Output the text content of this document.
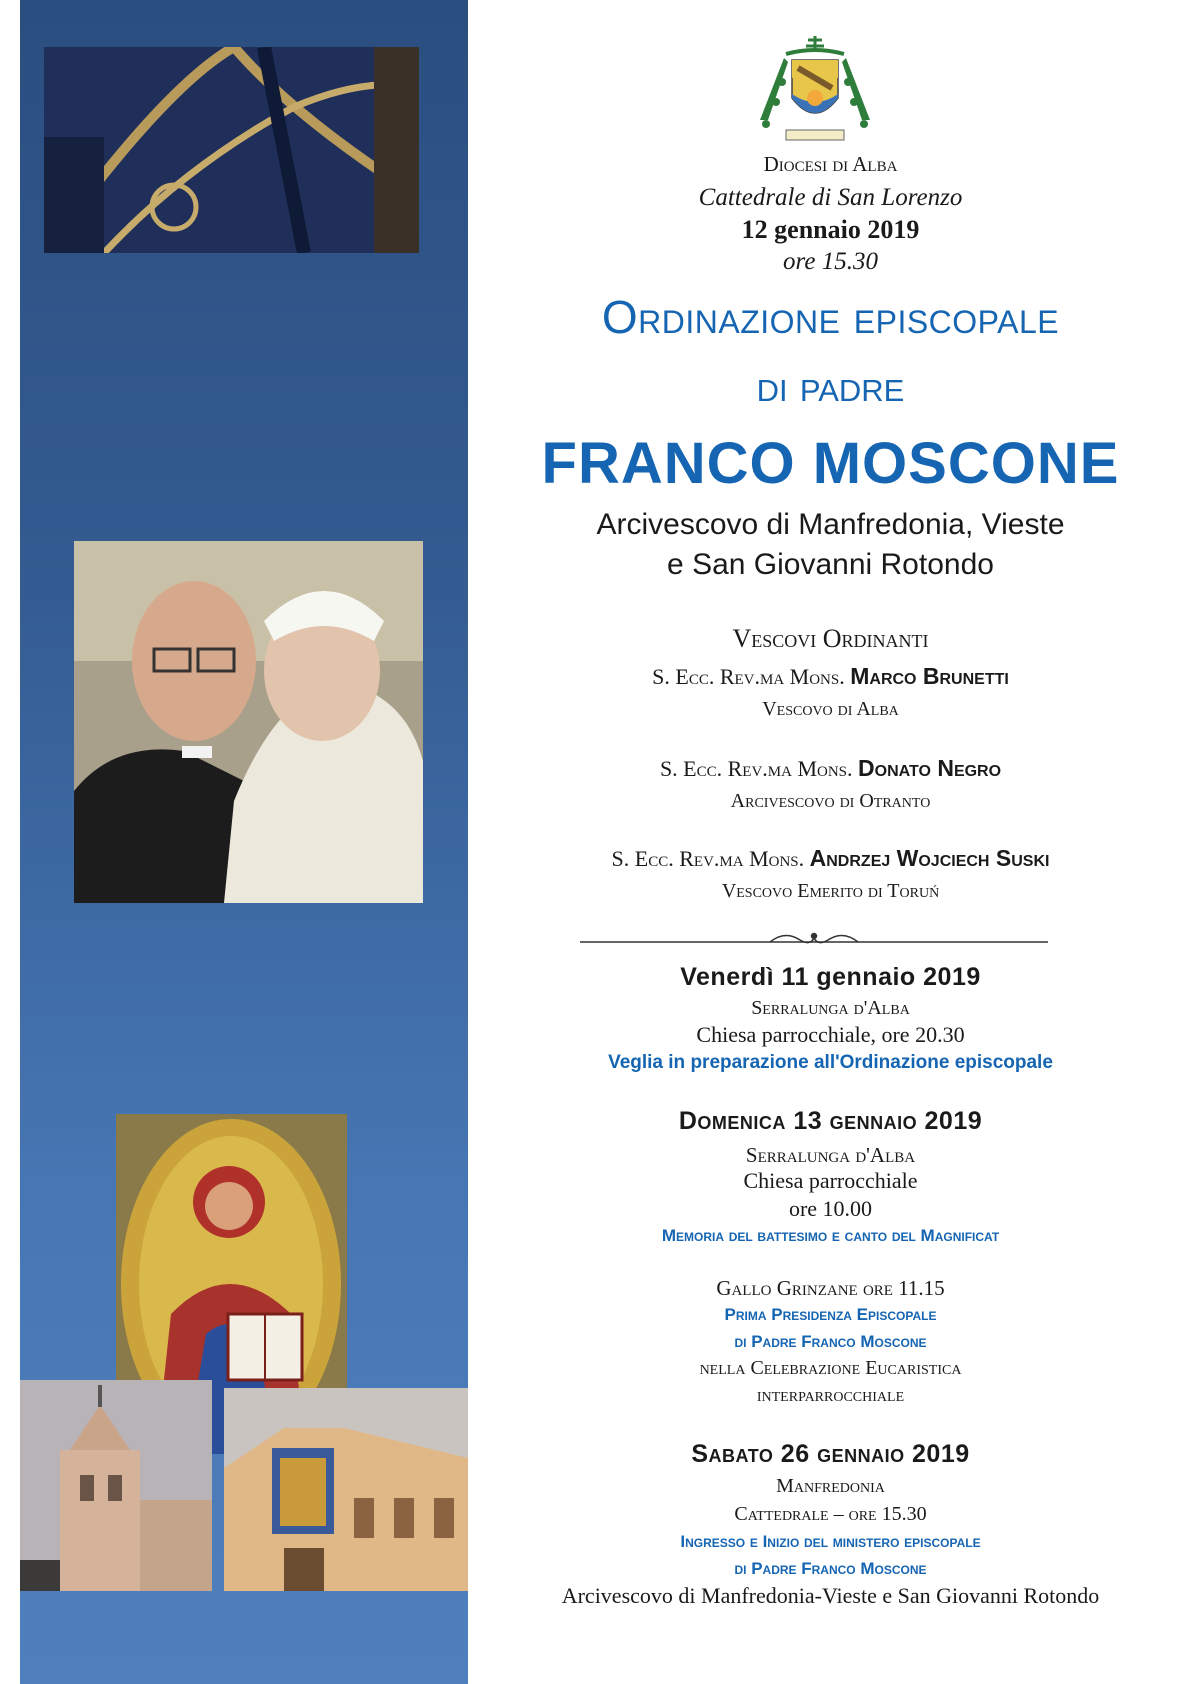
Diocesi di Alba
Cattedrale di San Lorenzo
12 gennaio 2019
ore 15.30
Ordinazione episcopale
di padre
FRANCO MOSCONE
Arcivescovo di Manfredonia, Vieste
e San Giovanni Rotondo
Vescovi Ordinanti
S. Ecc. Rev.ma Mons. Marco Brunetti
Vescovo di Alba
S. Ecc. Rev.ma Mons. Donato Negro
Arcivescovo di Otranto
S. Ecc. Rev.ma Mons. Andrzej Wojciech Suski
Vescovo Emerito di Toruń
Venerdì 11 gennaio 2019
Serralunga d'Alba
Chiesa parrocchiale, ore 20.30
Veglia in preparazione all'Ordinazione episcopale
Domenica 13 gennaio 2019
Serralunga d'Alba
Chiesa parrocchiale
ore 10.00
Memoria del battesimo e canto del Magnificat
Gallo Grinzane ore 11.15
Prima Presidenza Episcopale
di Padre Franco Moscone
nella Celebrazione Eucaristica
interparrocchiale
Sabato 26 gennaio 2019
Manfredonia
Cattedrale – ore 15.30
Ingresso e Inizio del ministero episcopale
di Padre Franco Moscone
Arcivescovo di Manfredonia-Vieste e San Giovanni Rotondo
